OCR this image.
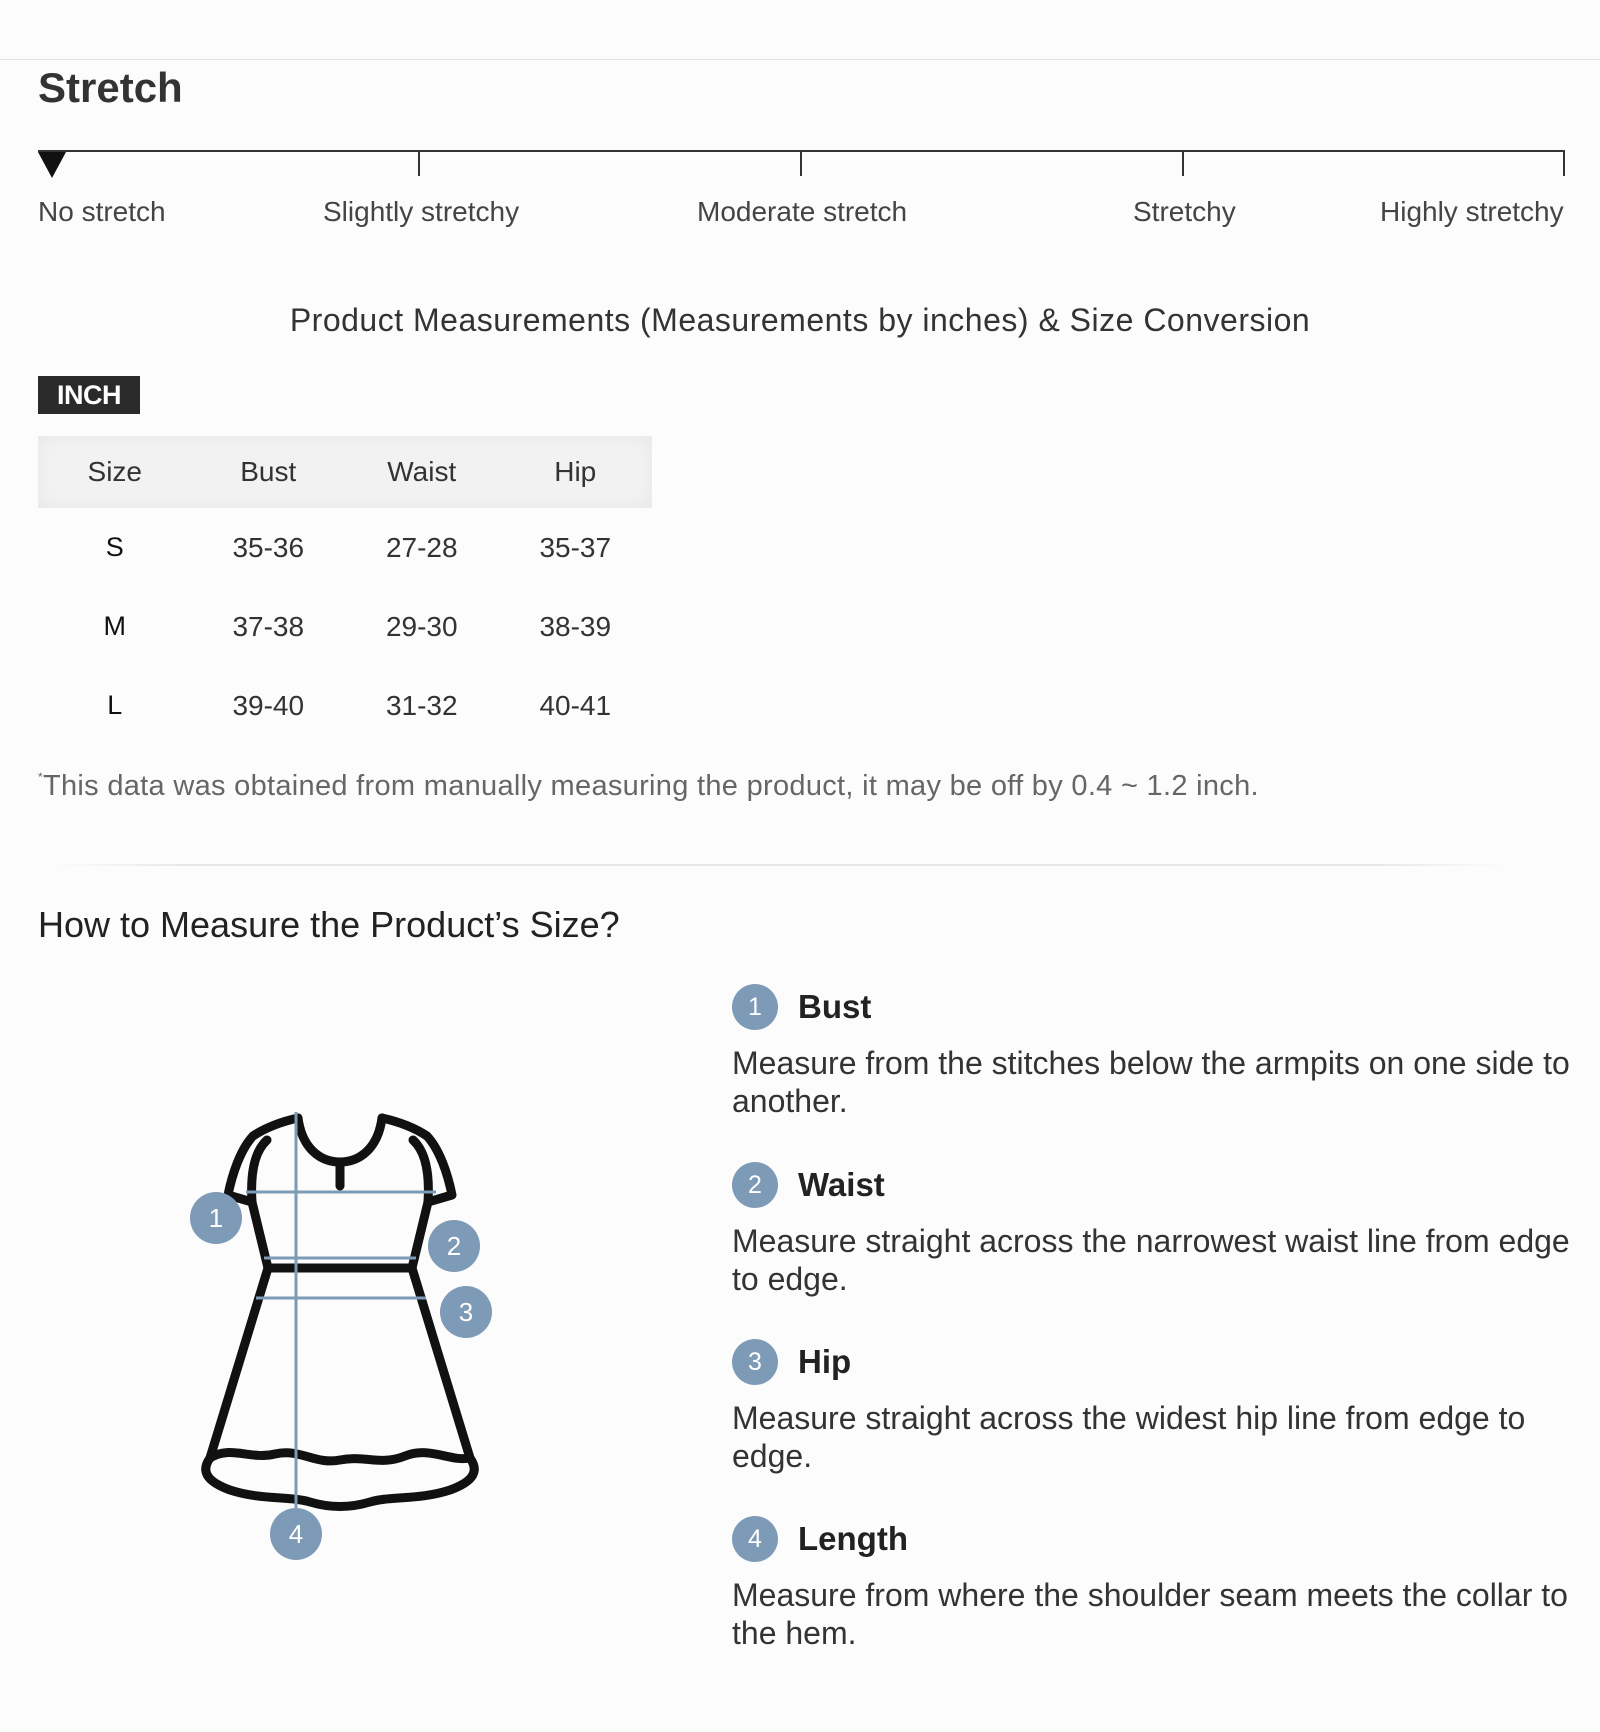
Stretch
No stretch	Slightly stretchy	Moderate stretch	Stretchy	Highly stretchy
Product Measurements (Measurements by inches) & Size Conversion
INCH
Size	Bust	Waist	Hip
S	35-36	27-28	35-37
M	37-38	29-30	38-39
L	39-40	31-32	40-41
*This data was obtained from manually measuring the product, it may be off by 0.4 ~ 1.2 inch.
How to Measure the Product’s Size?
1
2
3
4
1	Bust
Measure from the stitches below the armpits on one side to another.
2	Waist
Measure straight across the narrowest waist line from edge to edge.
3	Hip
Measure straight across the widest hip line from edge to edge.
4	Length
Measure from where the shoulder seam meets the collar to the hem.
